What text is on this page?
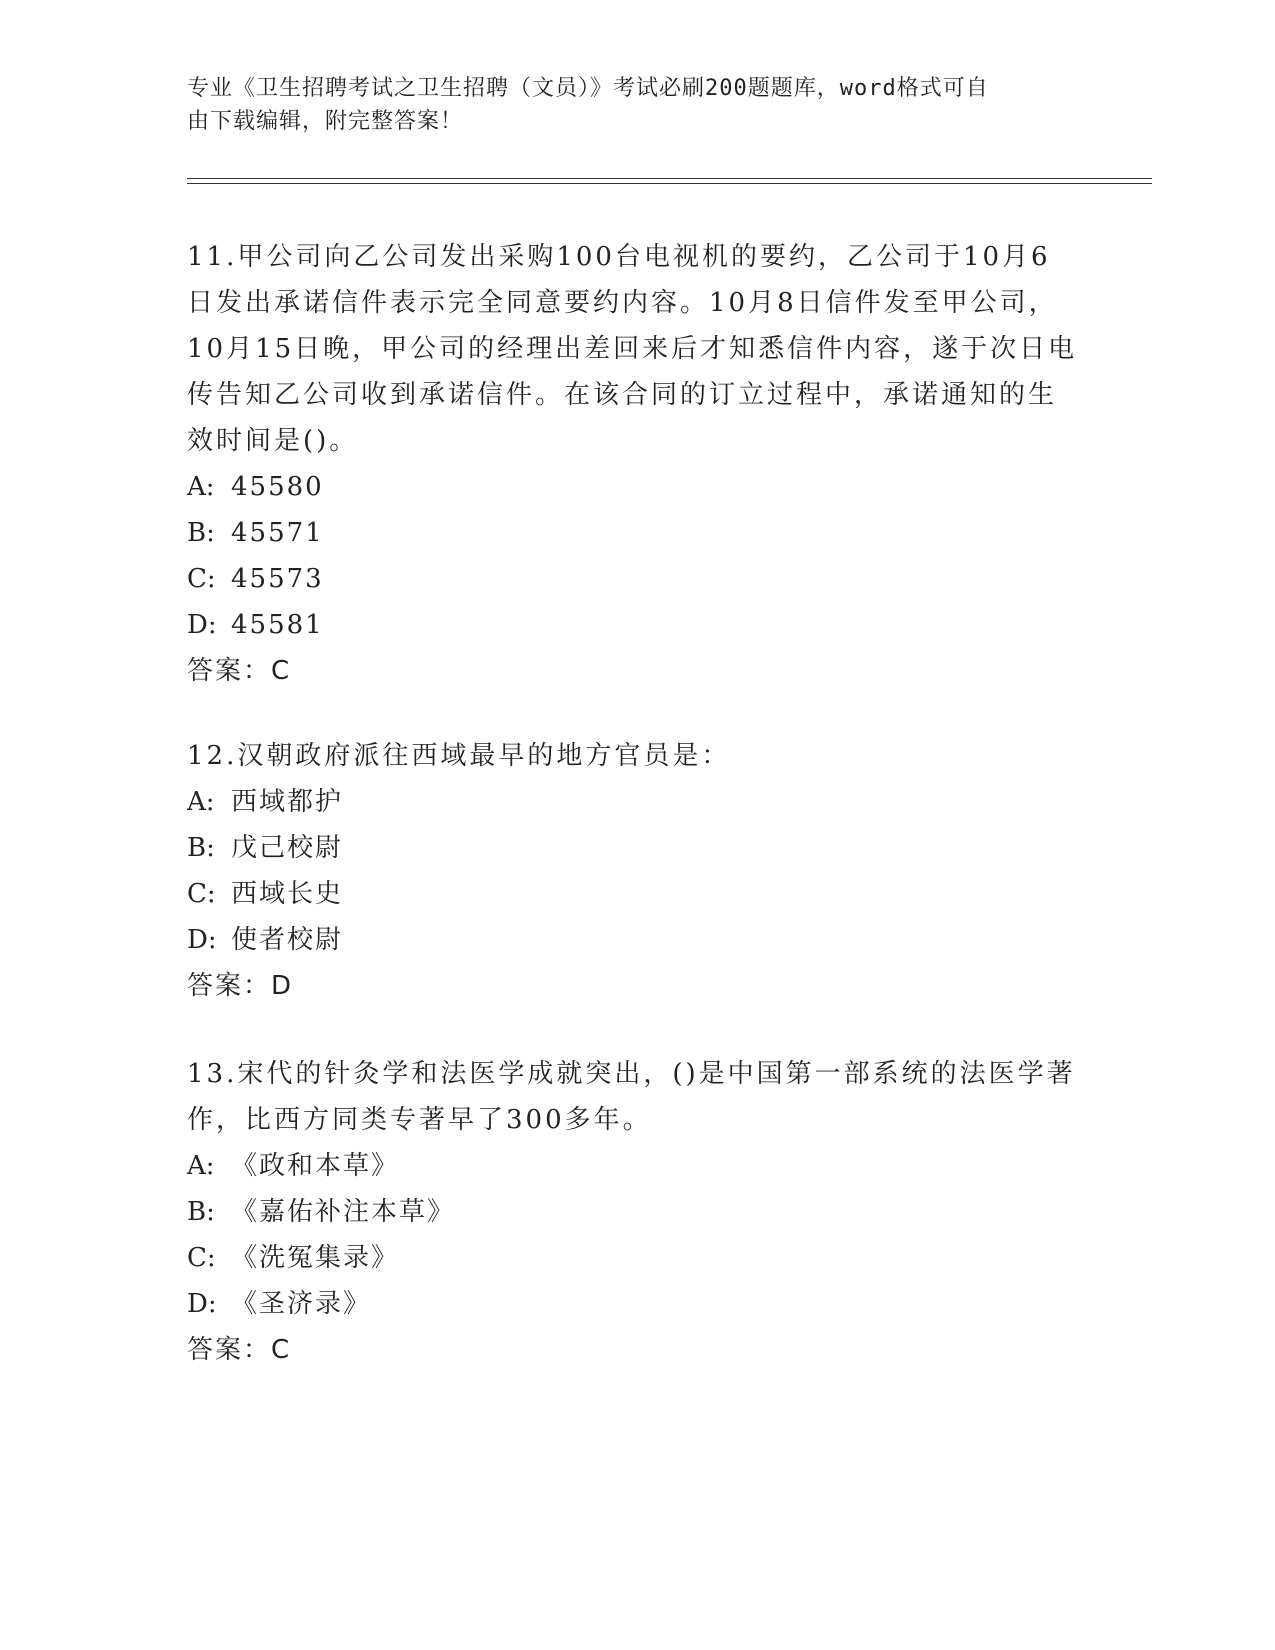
专业《卫生招聘考试之卫生招聘（文员）》考试必刷200题题库，word格式可自
由下载编辑，附完整答案！
11.甲公司向乙公司发出采购100台电视机的要约，乙公司于10月6
日发出承诺信件表示完全同意要约内容。10月8日信件发至甲公司，
10月15日晚，甲公司的经理出差回来后才知悉信件内容，遂于次日电
传告知乙公司收到承诺信件。在该合同的订立过程中，承诺通知的生
效时间是()。
A: 45580
B: 45571
C: 45573
D: 45581
答案：C
12.汉朝政府派往西域最早的地方官员是：
A: 西域都护
B: 戊己校尉
C: 西域长史
D: 使者校尉
答案：D
13.宋代的针灸学和法医学成就突出，()是中国第一部系统的法医学著
作，比西方同类专著早了300多年。
A: 《政和本草》
B: 《嘉佑补注本草》
C: 《洗冤集录》
D: 《圣济录》
答案：C
